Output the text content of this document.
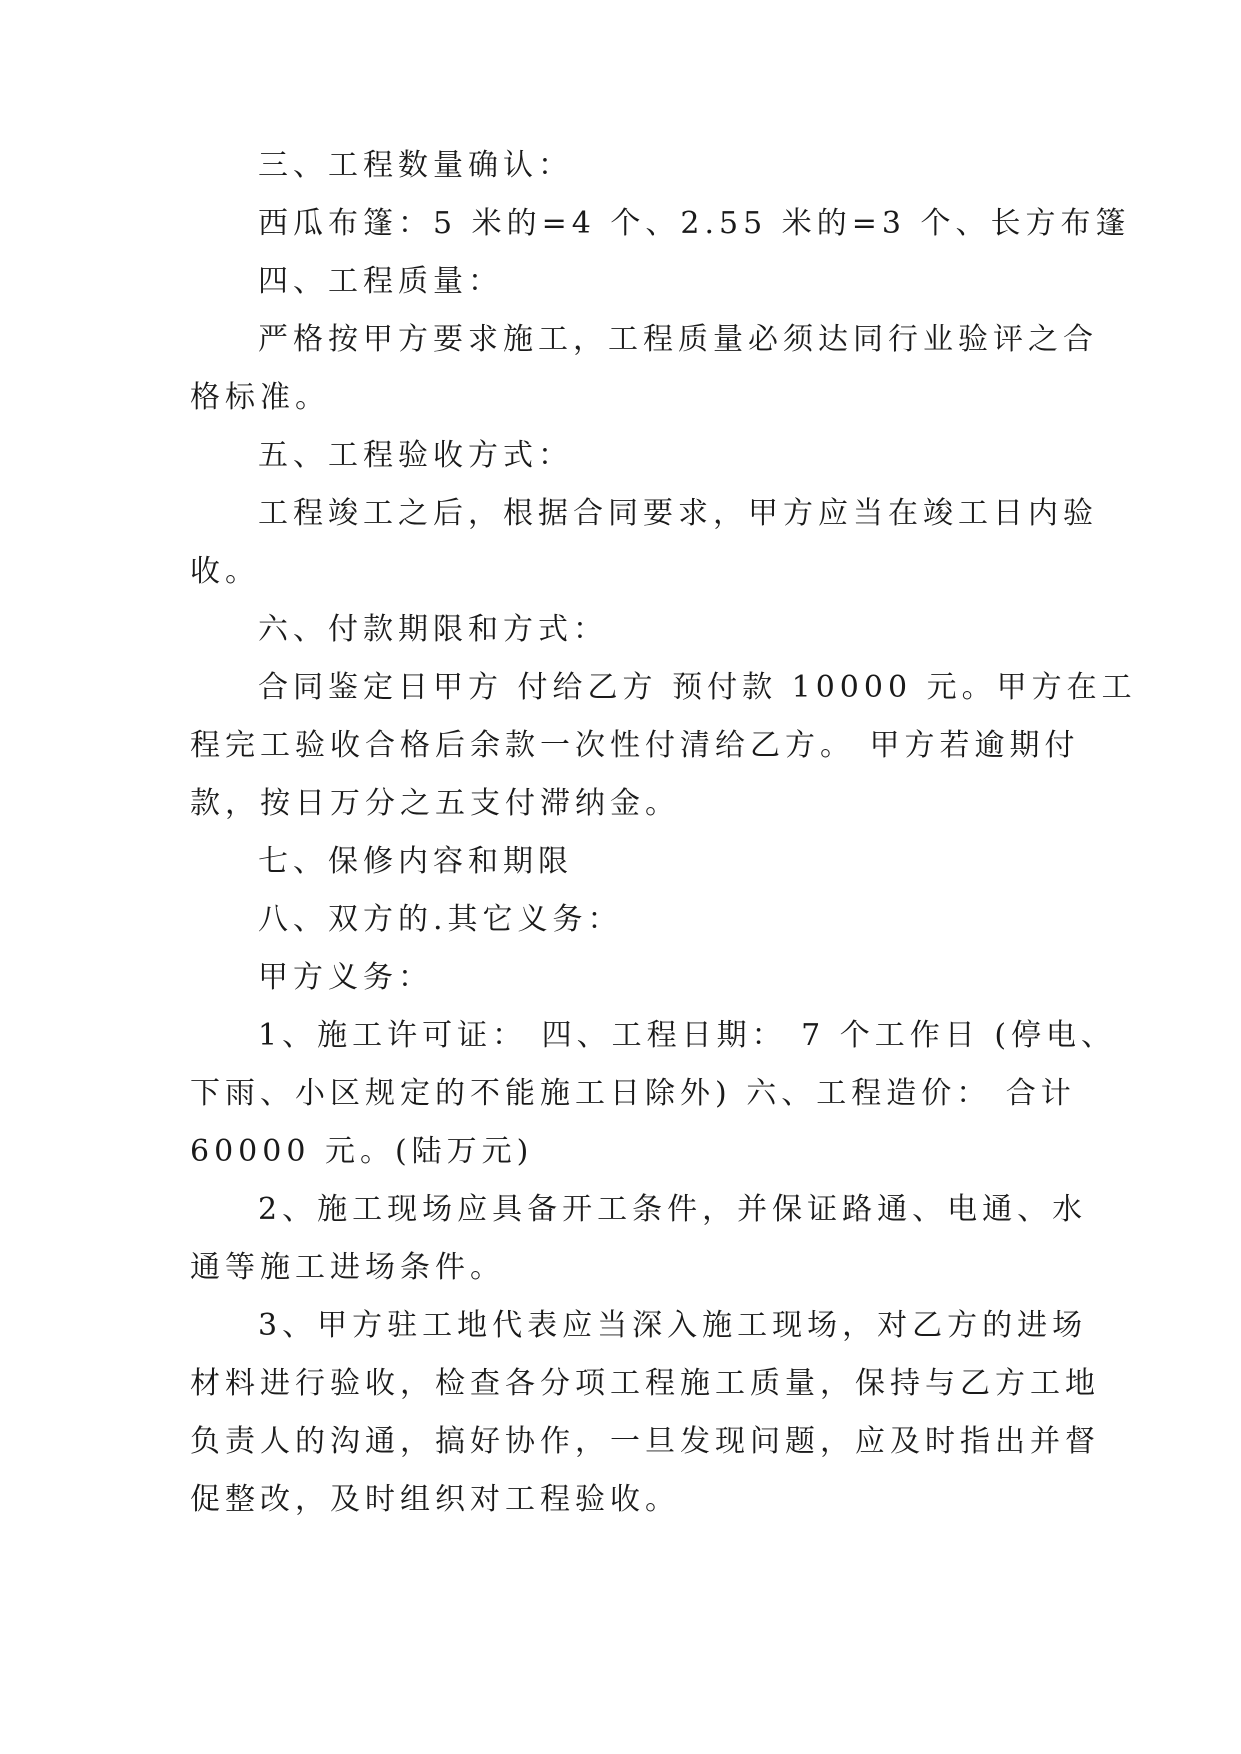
三、工程数量确认：
西瓜布篷：5 米的=4 个、2.55 米的=3 个、长方布篷
四、工程质量：
严格按甲方要求施工，工程质量必须达同行业验评之合
格标准。
五、工程验收方式：
工程竣工之后，根据合同要求，甲方应当在竣工日内验
收。
六、付款期限和方式：
合同鉴定日甲方 付给乙方 预付款 10000 元。甲方在工
程完工验收合格后余款一次性付清给乙方。 甲方若逾期付
款，按日万分之五支付滞纳金。
七、保修内容和期限
八、双方的.其它义务：
甲方义务：
1、施工许可证： 四、工程日期： 7 个工作日 (停电、
下雨、小区规定的不能施工日除外) 六、工程造价： 合计
60000 元。(陆万元)
2、施工现场应具备开工条件，并保证路通、电通、水
通等施工进场条件。
3、甲方驻工地代表应当深入施工现场，对乙方的进场
材料进行验收，检查各分项工程施工质量，保持与乙方工地
负责人的沟通，搞好协作，一旦发现问题，应及时指出并督
促整改，及时组织对工程验收。
